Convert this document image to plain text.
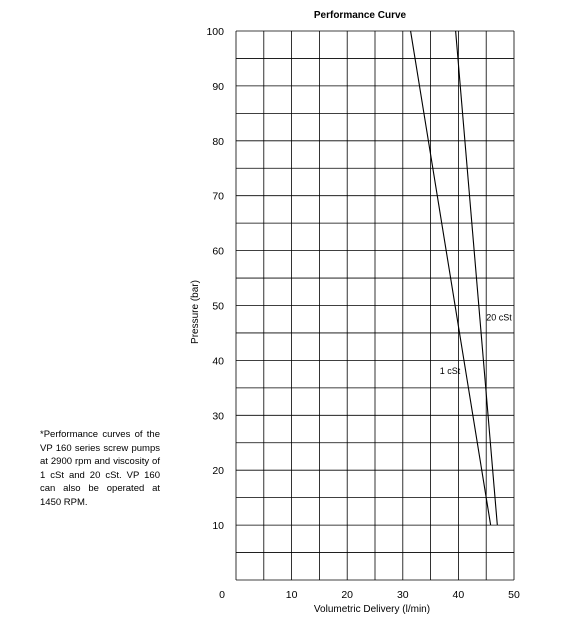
Performance Curve
0	10	20	30	40	50
100
90
80
70
60
50
40
30
20
10
1 cSt
20 cSt
Volumetric Delivery (l/min)
Pressure (bar)
*Performance curves of the VP 160 series screw pumps at 2900 rpm and viscosity of 1 cSt and 20 cSt. VP 160 can also be operated at 1450 RPM.
